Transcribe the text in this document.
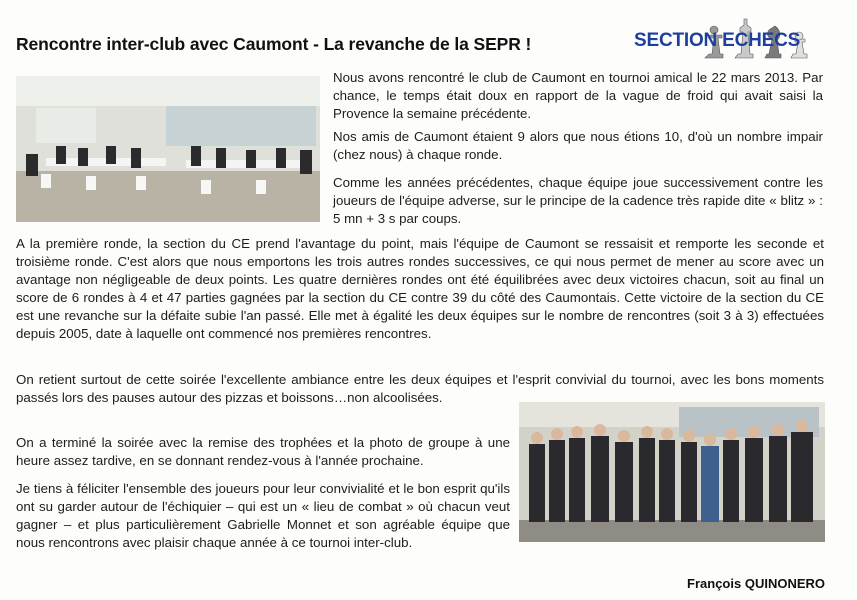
Rencontre inter-club avec Caumont - La revanche de la SEPR !	SECTION ECHECS

Nous avons rencontré le club de Caumont en tournoi amical le 22 mars 2013. Par chance, le temps était doux en rapport de la vague de froid qui avait saisi la Provence la semaine précédente.

Nos amis de Caumont étaient 9 alors que nous étions 10, d'où un nombre impair (chez nous) à chaque ronde.

Comme les années précédentes, chaque équipe joue successivement contre les joueurs de l'équipe adverse, sur le principe de la cadence très rapide dite « blitz » : 5 mn + 3 s par coups.

A la première ronde, la section du CE prend l'avantage du point, mais l'équipe de Caumont se ressaisit et remporte les seconde et troisième ronde. C'est alors que nous emportons les trois autres rondes successives, ce qui nous permet de mener au score avec un avantage non négligeable de deux points. Les quatre dernières rondes ont été équilibrées avec deux victoires chacun, soit au final un score de 6 rondes à 4 et 47 parties gagnées par la section du CE contre 39 du côté des Caumontais. Cette victoire de la section du CE est une revanche sur la défaite subie l'an passé. Elle met à égalité les deux équipes sur le nombre de rencontres (soit 3 à 3) effectuées depuis 2005, date à laquelle ont commencé nos premières rencontres.

On retient surtout de cette soirée l'excellente ambiance entre les deux équipes et l'esprit convivial du tournoi, avec les bons moments passés lors des pauses autour des pizzas et boissons…non alcoolisées.

On a terminé la soirée avec la remise des trophées et la photo de groupe à une heure assez tardive, en se donnant rendez-vous à l'année prochaine.

Je tiens à féliciter l'ensemble des joueurs pour leur convivialité et le bon esprit qu'ils ont su garder autour de l'échiquier – qui est un « lieu de combat » où chacun veut gagner – et plus particulièrement Gabrielle Monnet et son agréable équipe que nous rencontrons avec plaisir chaque année à ce tournoi inter-club.

François QUINONERO
